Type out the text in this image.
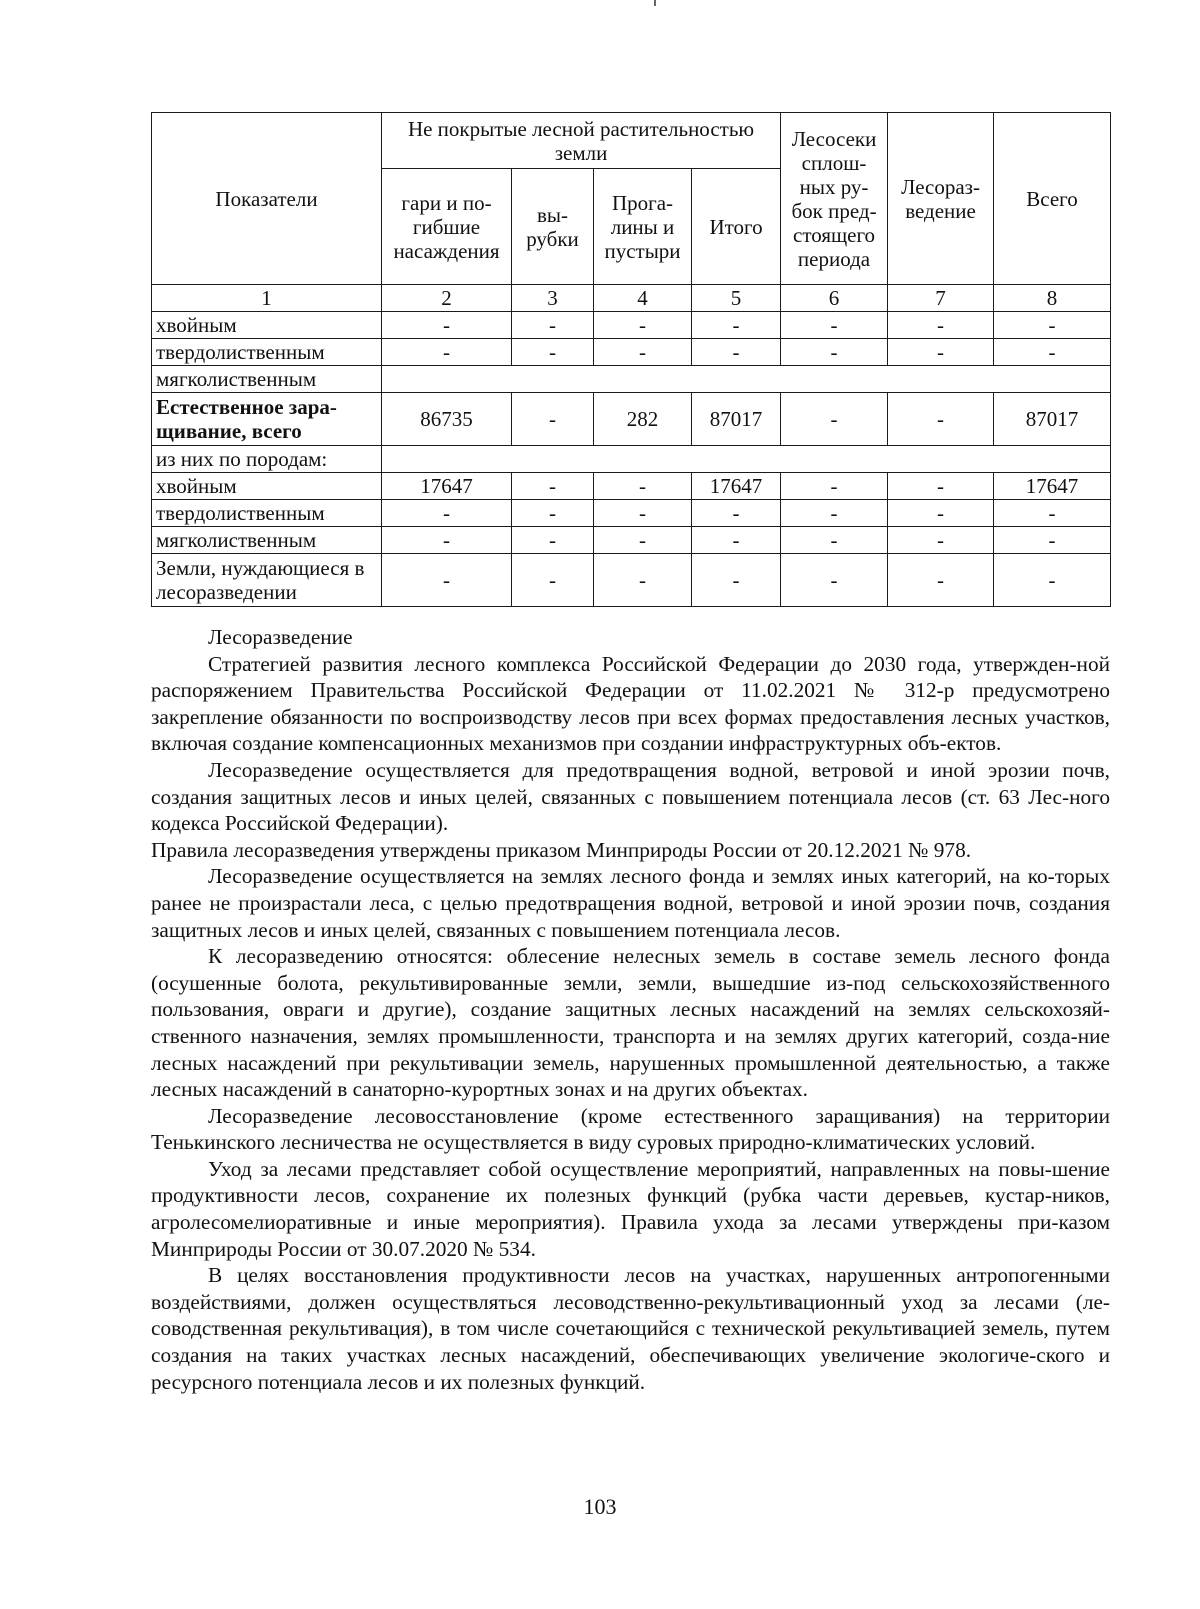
Показатели	Не покрытые лесной растительностью земли				Лесосеки сплош-ных ру-бок пред-стоящего периода	Лесораз-ведение	Всего
	гари и по-гибшие насаждения	вы-рубки	Прога-лины и пустыри	Итого			
1	2	3	4	5	6	7	8
хвойным	-	-	-	-	-	-	-
твердолиственным	-	-	-	-	-	-	-
мягколиственным							
Естественное зара-щивание, всего	86735	-	282	87017	-	-	87017
из них по породам:							
хвойным	17647	-	-	17647	-	-	17647
твердолиственным	-	-	-	-	-	-	-
мягколиственным	-	-	-	-	-	-	-
Земли, нуждающиеся в лесоразведении	-	-	-	-	-	-	-

Лесоразведение

Стратегией развития лесного комплекса Российской Федерации до 2030 года, утвержден-ной распоряжением Правительства Российской Федерации от 11.02.2021 № 312-р предусмотрено закрепление обязанности по воспроизводству лесов при всех формах предоставления лесных участков, включая создание компенсационных механизмов при создании инфраструктурных объ-ектов.

Лесоразведение осуществляется для предотвращения водной, ветровой и иной эрозии почв, создания защитных лесов и иных целей, связанных с повышением потенциала лесов (ст. 63 Лес-ного кодекса Российской Федерации).

Правила лесоразведения утверждены приказом Минприроды России от 20.12.2021 № 978.

Лесоразведение осуществляется на землях лесного фонда и землях иных категорий, на ко-торых ранее не произрастали леса, с целью предотвращения водной, ветровой и иной эрозии почв, создания защитных лесов и иных целей, связанных с повышением потенциала лесов.

К лесоразведению относятся: облесение нелесных земель в составе земель лесного фонда (осушенные болота, рекультивированные земли, земли, вышедшие из-под сельскохозяйственного пользования, овраги и другие), создание защитных лесных насаждений на землях сельскохозяй-ственного назначения, землях промышленности, транспорта и на землях других категорий, созда-ние лесных насаждений при рекультивации земель, нарушенных промышленной деятельностью, а также лесных насаждений в санаторно-курортных зонах и на других объектах.

Лесоразведение лесовосстановление (кроме естественного заращивания) на территории Тенькинского лесничества не осуществляется в виду суровых природно-климатических условий.

Уход за лесами представляет собой осуществление мероприятий, направленных на повы-шение продуктивности лесов, сохранение их полезных функций (рубка части деревьев, кустар-ников, агролесомелиоративные и иные мероприятия). Правила ухода за лесами утверждены при-казом Минприроды России от 30.07.2020 № 534.

В целях восстановления продуктивности лесов на участках, нарушенных антропогенными воздействиями, должен осуществляться лесоводственно-рекультивационный уход за лесами (ле-соводственная рекультивация), в том числе сочетающийся с технической рекультивацией земель, путем создания на таких участках лесных насаждений, обеспечивающих увеличение экологиче-ского и ресурсного потенциала лесов и их полезных функций.

103
